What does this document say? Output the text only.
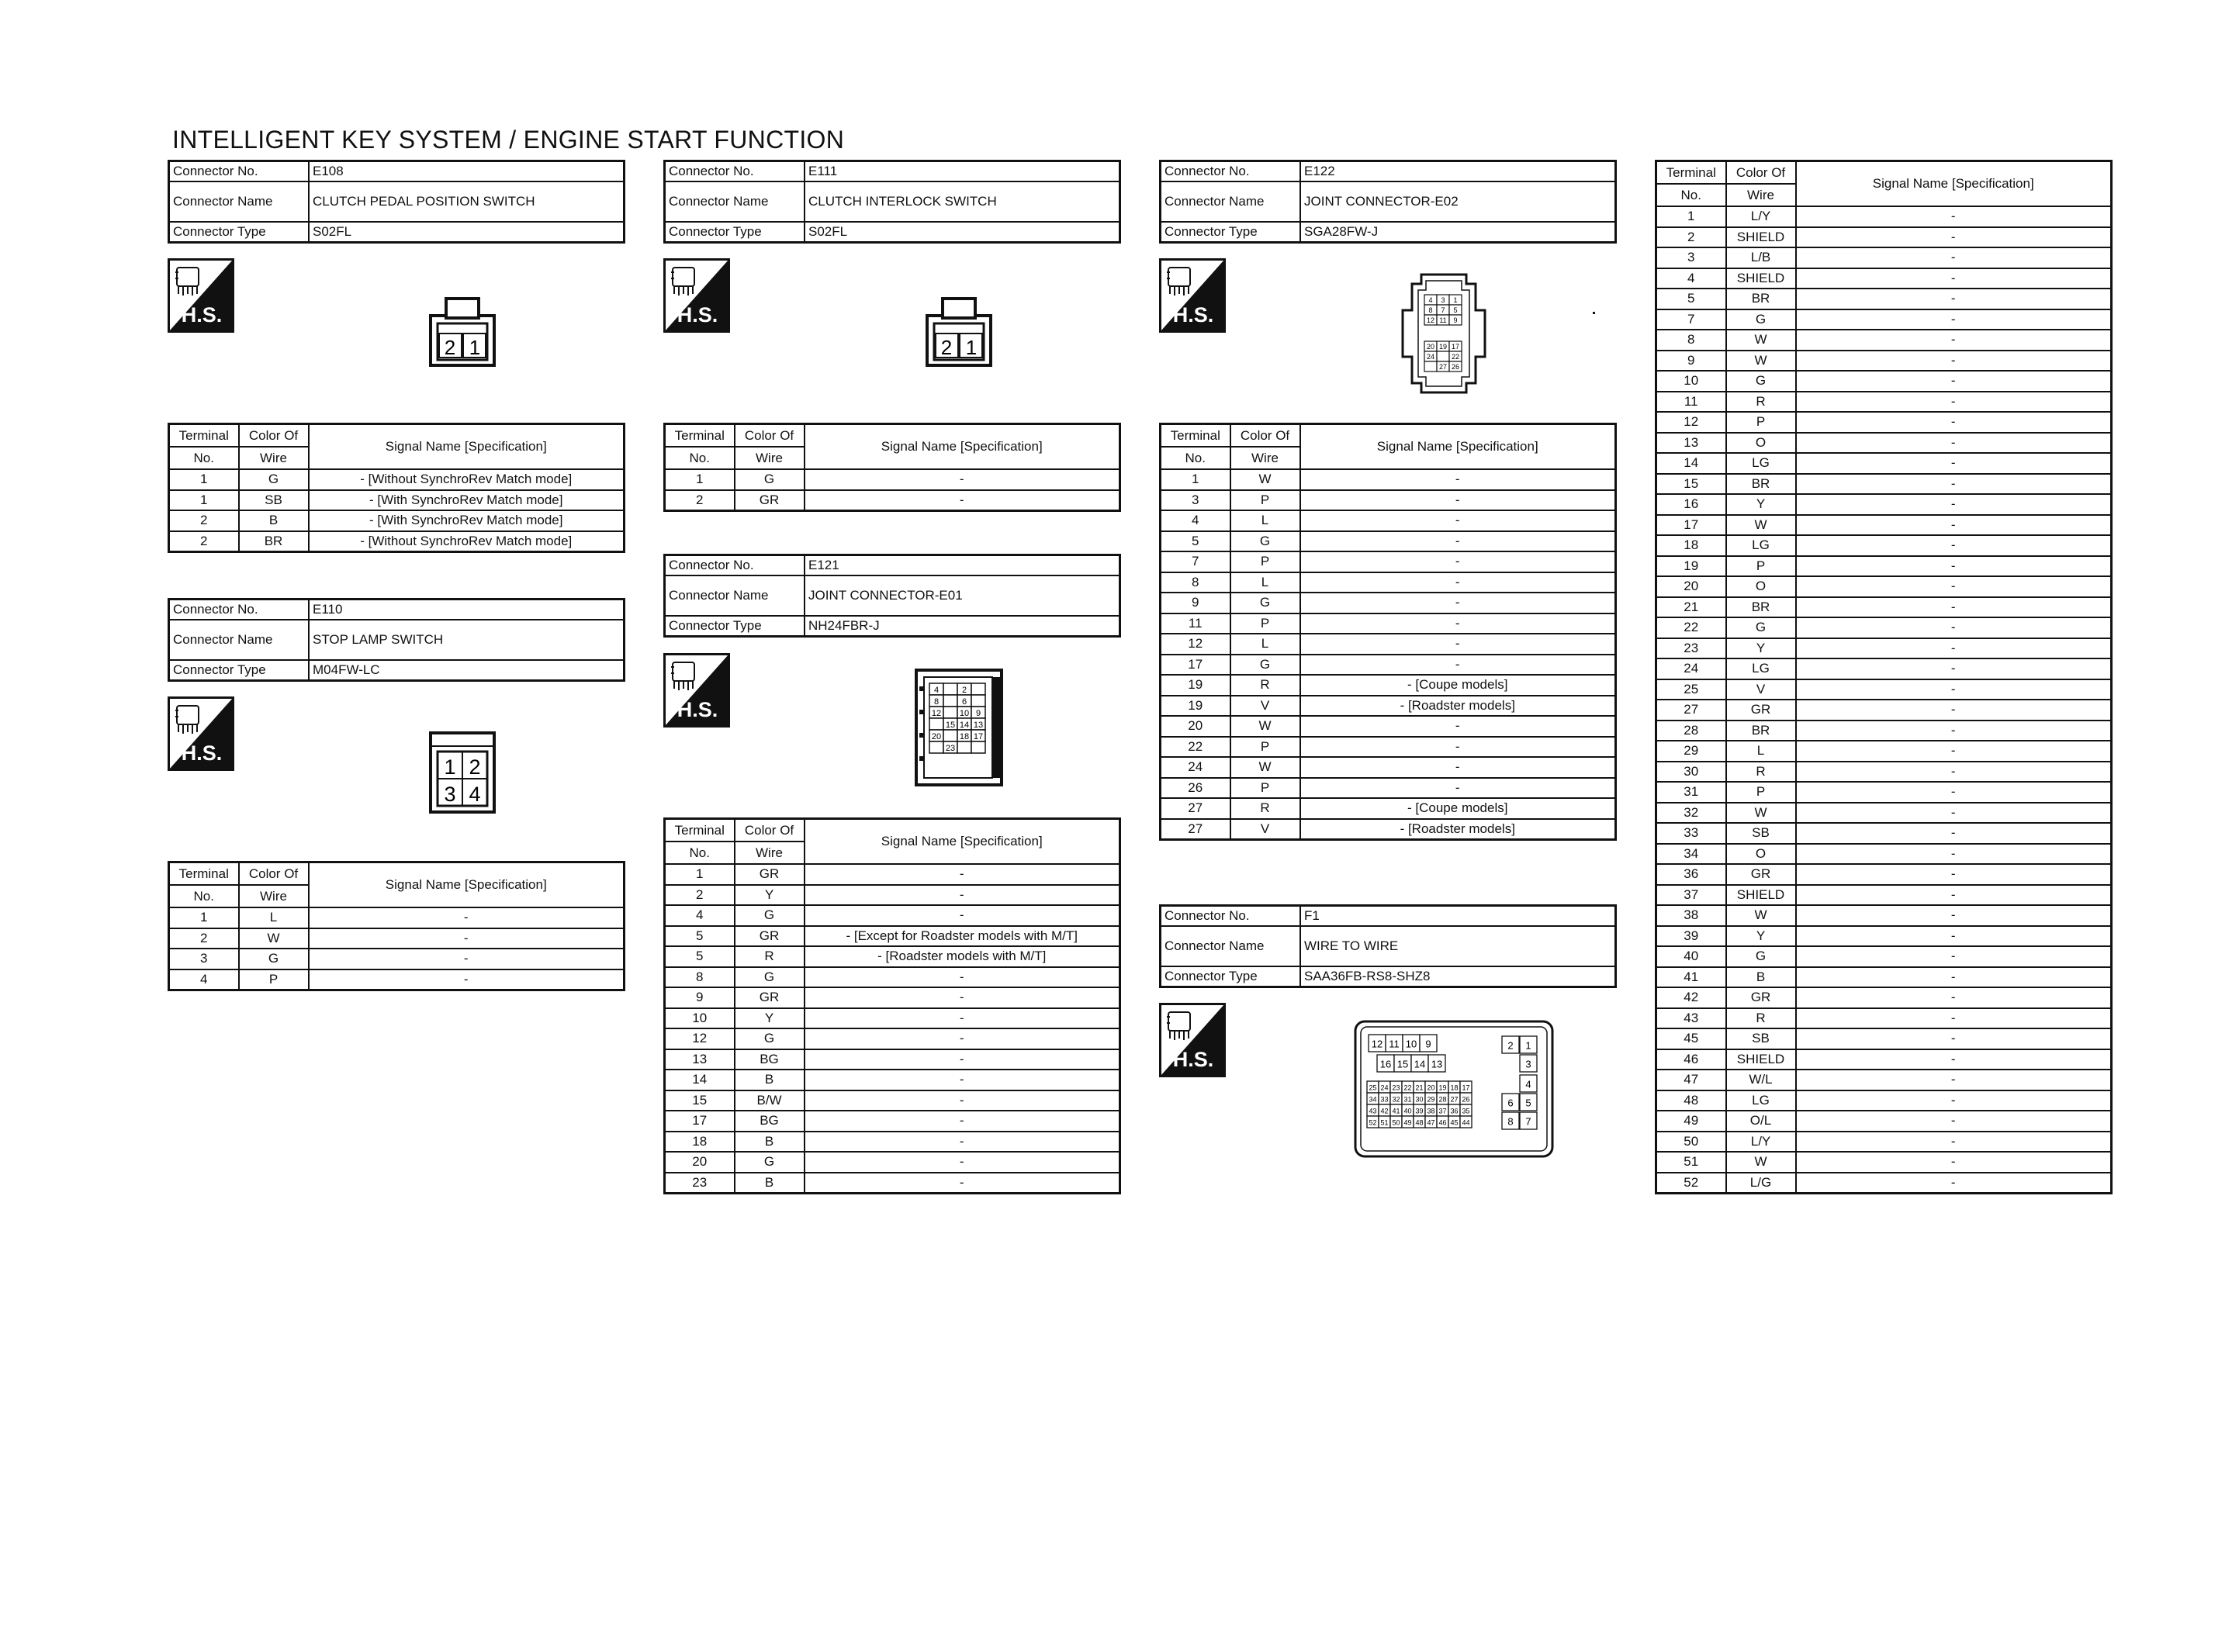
INTELLIGENT KEY SYSTEM / ENGINE START FUNCTION
Connector No.	E108
Connector Name	CLUTCH PEDAL POSITION SWITCH
Connector Type	S02FL
H.S.
2 1
Terminal	Color Of	Signal Name [Specification]
No.	Wire	
1	G	- [Without SynchroRev Match mode]
1	SB	- [With SynchroRev Match mode]
2	B	- [With SynchroRev Match mode]
2	BR	- [Without SynchroRev Match mode]
Connector No.	E110
Connector Name	STOP LAMP SWITCH
Connector Type	M04FW-LC
H.S.
1 2
3 4
Terminal	Color Of	Signal Name [Specification]
No.	Wire	
1	L	-
2	W	-
3	G	-
4	P	-
Connector No.	E111
Connector Name	CLUTCH INTERLOCK SWITCH
Connector Type	S02FL
H.S.
2 1
Terminal	Color Of	Signal Name [Specification]
No.	Wire	
1	G	-
2	GR	-
Connector No.	E121
Connector Name	JOINT CONNECTOR-E01
Connector Type	NH24FBR-J
H.S.
4	2
8	6
12 10 9
15 14 13
20 18 17
23
Terminal	Color Of	Signal Name [Specification]
No.	Wire	
1	GR	-
2	Y	-
4	G	-
5	GR	- [Except for Roadster models with M/T]
5	R	- [Roadster models with M/T]
8	G	-
9	GR	-
10	Y	-
12	G	-
13	BG	-
14	B	-
15	B/W	-
17	BG	-
18	B	-
20	G	-
23	B	-
Connector No.	E122
Connector Name	JOINT CONNECTOR-E02
Connector Type	SGA28FW-J
H.S.
4 3 1
8 7 5
12 11 9
20 19 17
24 22
27 26
Terminal	Color Of	Signal Name [Specification]
No.	Wire	
1	W	-
3	P	-
4	L	-
5	G	-
7	P	-
8	L	-
9	G	-
11	P	-
12	L	-
17	G	-
19	R	- [Coupe models]
19	V	- [Roadster models]
20	W	-
22	P	-
24	W	-
26	P	-
27	R	- [Coupe models]
27	V	- [Roadster models]
Connector No.	F1
Connector Name	WIRE TO WIRE
Connector Type	SAA36FB-RS8-SHZ8
H.S.
12 11 10 9
16 15 14 13
25 24 23 22 21 20 19 18 17
34 33 32 31 30 29 28 27 26
43 42 41 40 39 38 37 36 35
52 51 50 49 48 47 46 45 44
2 1
3
4
6 5
8 7
Terminal	Color Of	Signal Name [Specification]
No.	Wire	
1	L/Y	-
2	SHIELD	-
3	L/B	-
4	SHIELD	-
5	BR	-
7	G	-
8	W	-
9	W	-
10	G	-
11	R	-
12	P	-
13	O	-
14	LG	-
15	BR	-
16	Y	-
17	W	-
18	LG	-
19	P	-
20	O	-
21	BR	-
22	G	-
23	Y	-
24	LG	-
25	V	-
27	GR	-
28	BR	-
29	L	-
30	R	-
31	P	-
32	W	-
33	SB	-
34	O	-
36	GR	-
37	SHIELD	-
38	W	-
39	Y	-
40	G	-
41	B	-
42	GR	-
43	R	-
45	SB	-
46	SHIELD	-
47	W/L	-
48	LG	-
49	O/L	-
50	L/Y	-
51	W	-
52	L/G	-
